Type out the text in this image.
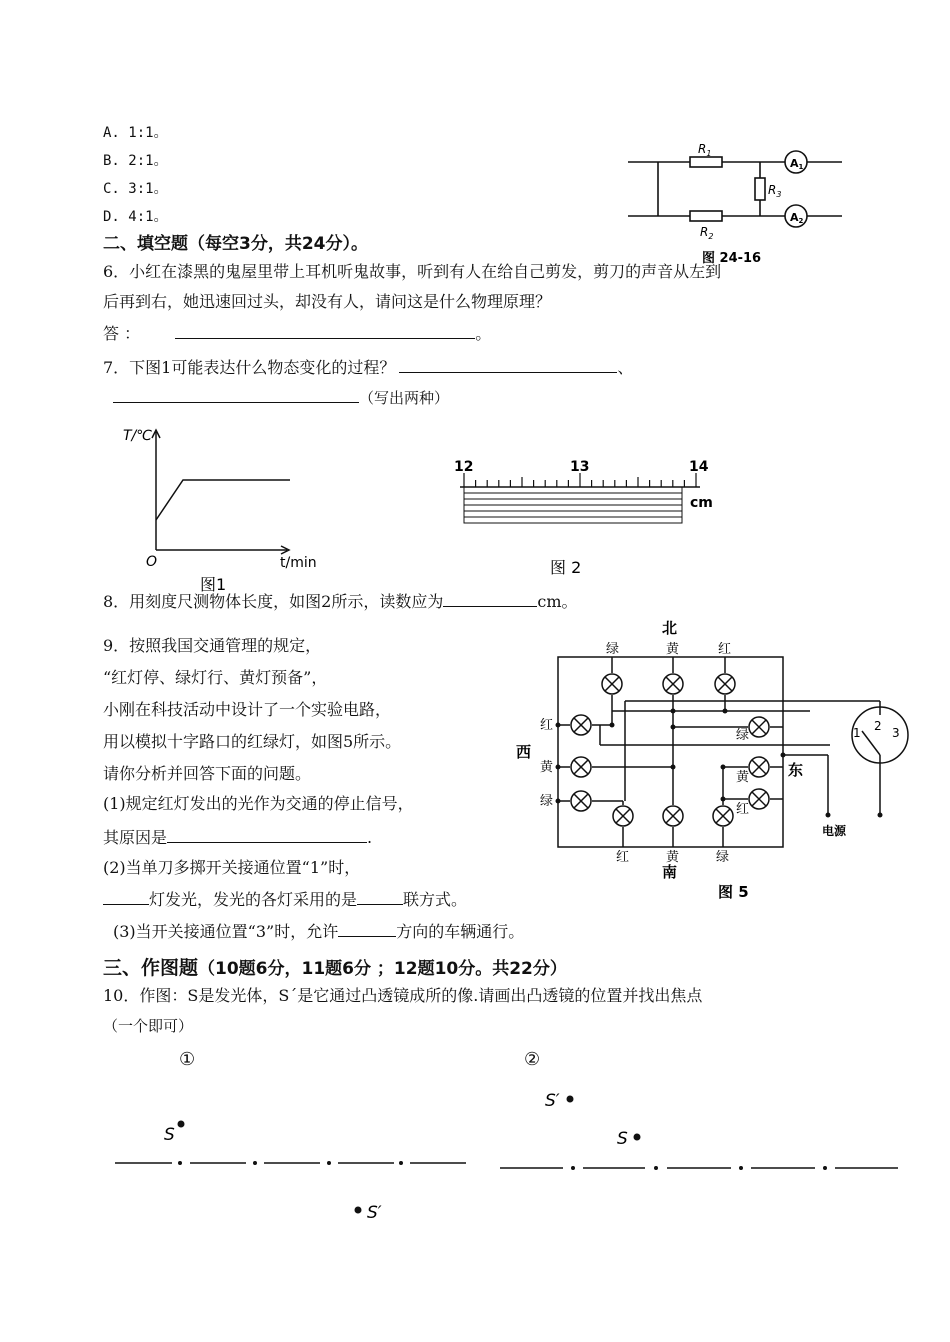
A. 1:1。
B. 2:1。
C. 3:1。
D. 4:1。
$R_1$
$R_2$
$R_3$
A1
A2
图 24-16
二、填空题（每空3分，共24分）。
6．小红在漆黑的鬼屋里带上耳机听鬼故事，听到有人在给自己剪发，剪刀的声音从左到
后再到右，她迅速回过头，却没有人，请问这是什么物理原理？
答 ：	。
7．下图1可能表达什么物态变化的过程？	、
（写出两种）
T/℃
O	t/min
图1
12	13	14
cm
图 2
8．用刻度尺测物体长度，如图2所示，读数应为	cm。
9．按照我国交通管理的规定，
“红灯停、绿灯行、黄灯预备”，
小刚在科技活动中设计了一个实验电路，
用以模拟十字路口的红绿灯，如图5所示。
请你分析并回答下面的问题。
(1)规定红灯发出的光作为交通的停止信号，
其原因是	.
(2)当单刀多掷开关接通位置“1”时，
灯发光，发光的各灯采用的是	联方式。
(3)当开关接通位置“3”时，允许	方向的车辆通行。
北
南
西
东
绿	黄	红
红	黄	绿
红
黄
绿
绿
黄
红
1 2 3
电源
图 5
三、作图题（10题6分，11题6分 ；12题10分。共22分）
10．作图：S是发光体，S´是它通过凸透镜成所的像.请画出凸透镜的位置并找出焦点
（一个即可）
①	②
S
S′
S′
S
